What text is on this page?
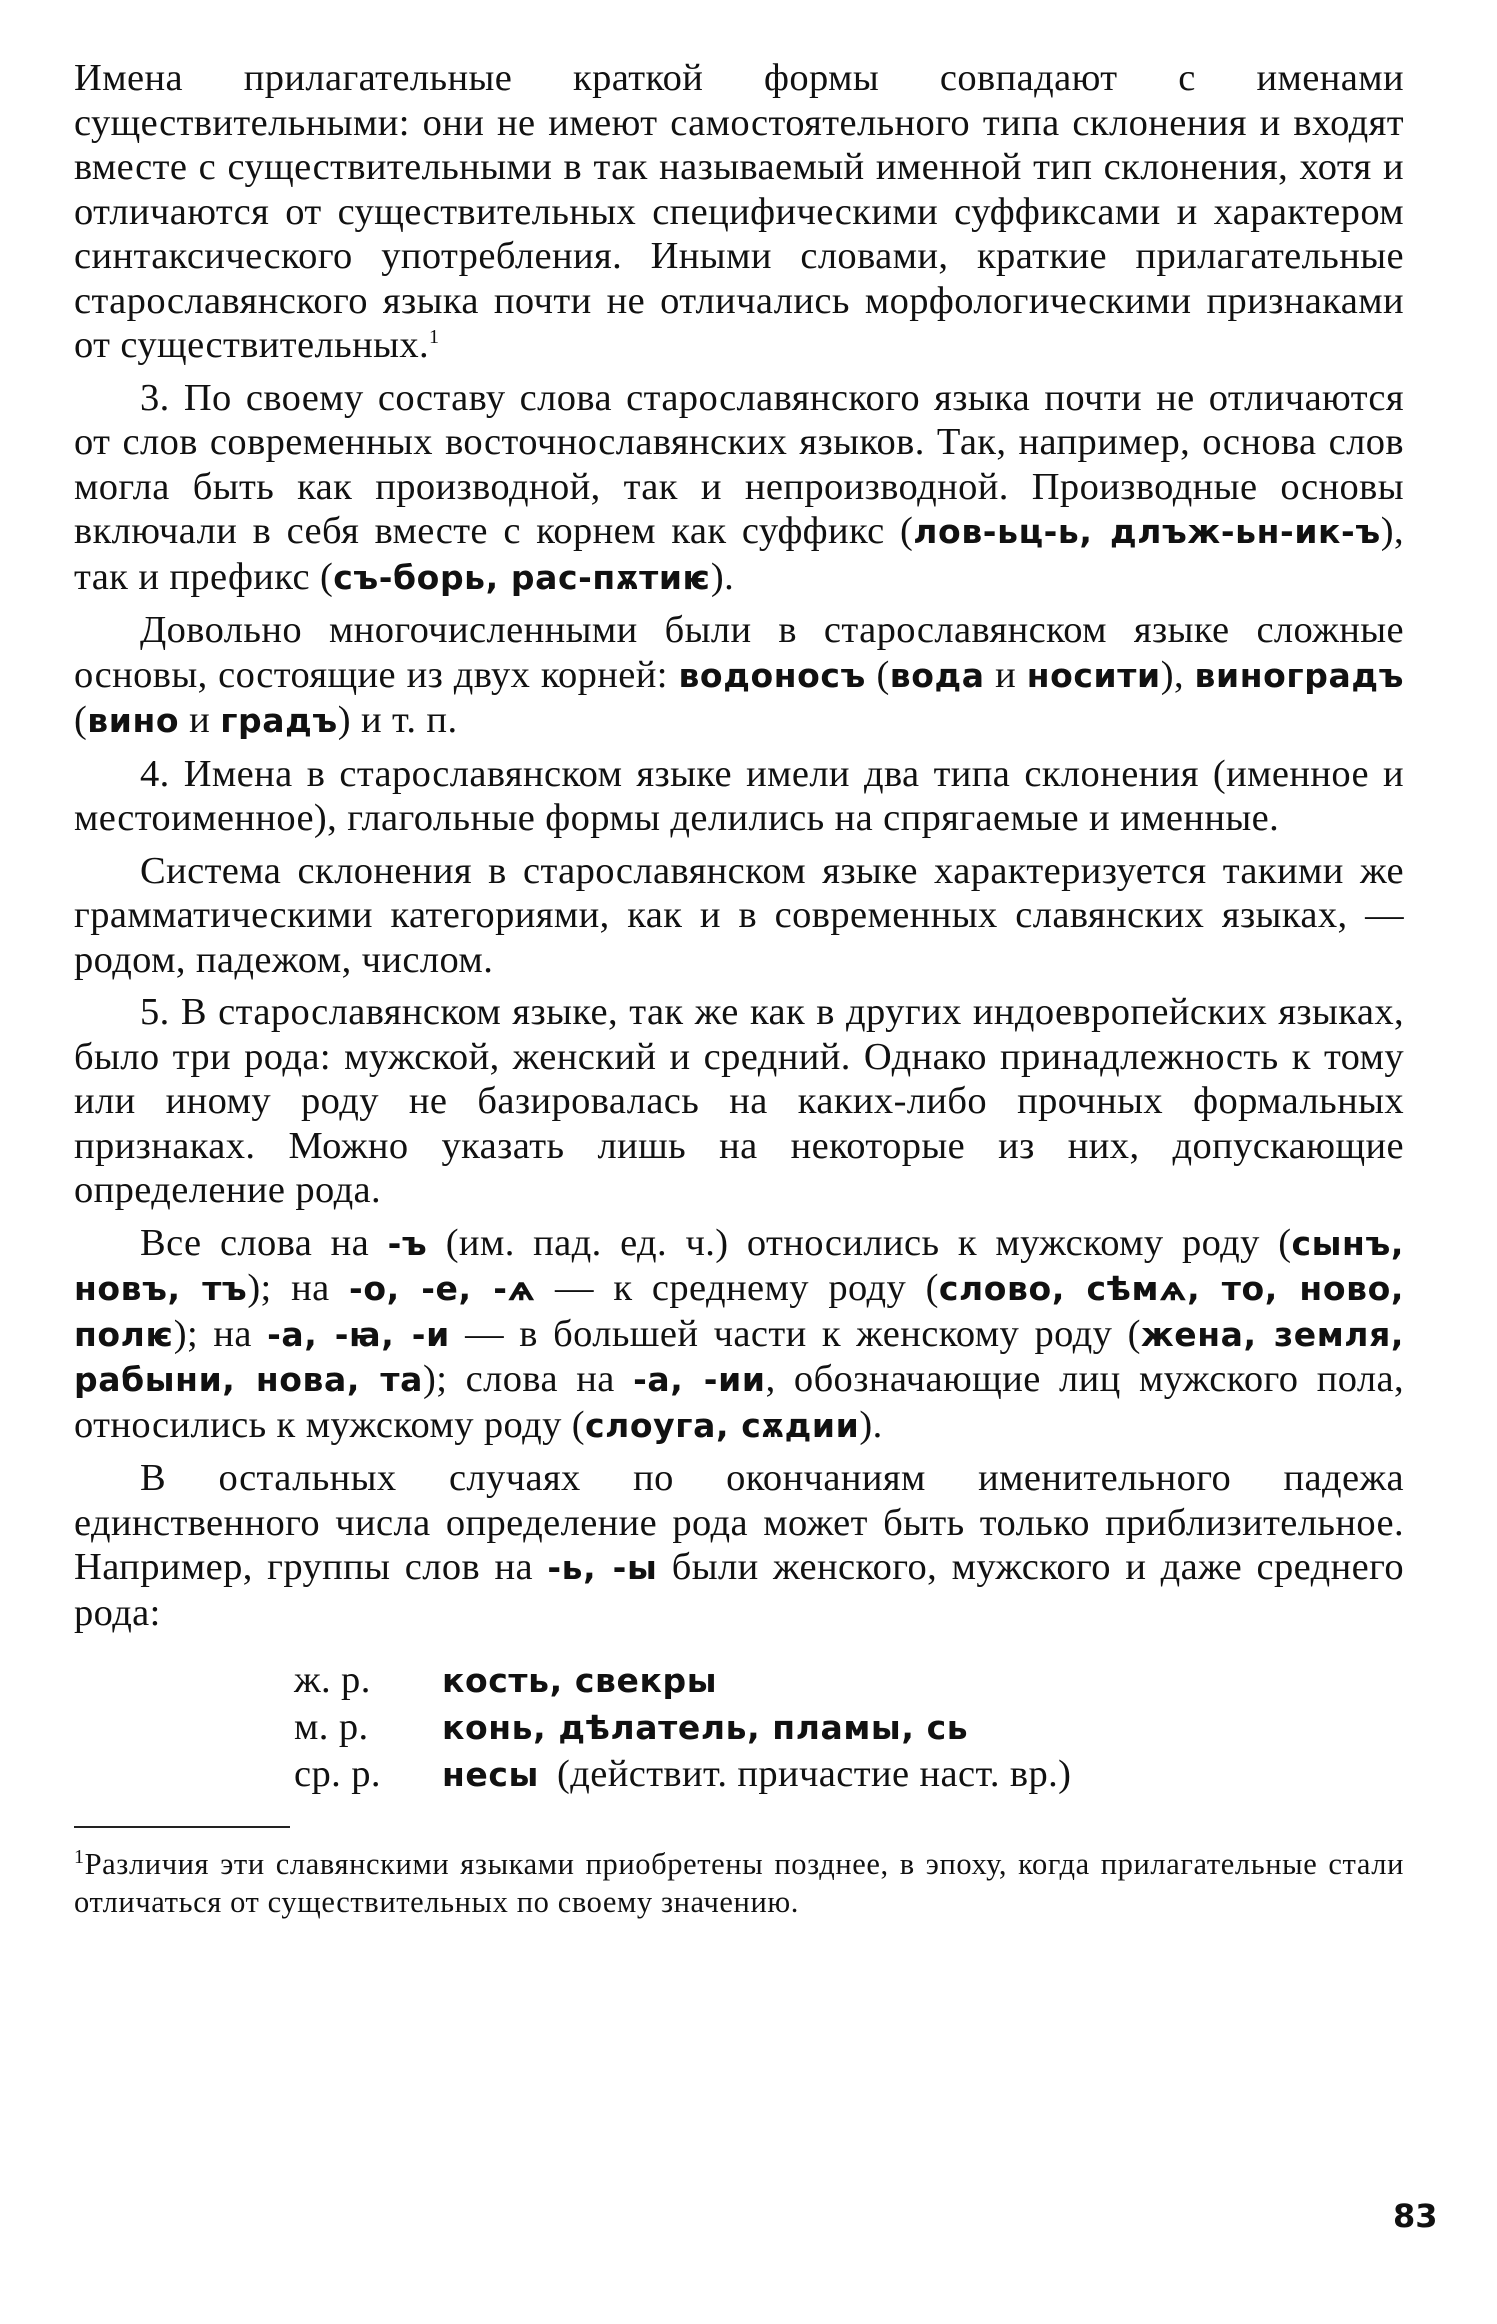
Имена прилагательные краткой формы совпадают с именами существительными: они не имеют самостоятельного типа склонения и входят вместе с существительными в так называемый именной тип склонения, хотя и отличаются от существительных специфическими суффиксами и характером синтаксического употребления. Иными словами, краткие прилагательные старославянского языка почти не отличались морфологическими признаками от существительных.$^1$

3. По своему составу слова старославянского языка почти не отличаются от слов современных восточнославянских языков. Так, например, основа слов могла быть как производной, так и непроизводной. Производные основы включали в себя вместе с корнем как суффикс (лов-ьц-ь, длъж-ьн-ик-ъ), так и префикс (съ-борь, рас-пѫтиѥ).

Довольно многочисленными были в старославянском языке сложные основы, состоящие из двух корней: водоносъ (вода и носити), виноградъ (вино и градъ) и т. п.

4. Имена в старославянском языке имели два типа склонения (именное и местоименное), глагольные формы делились на спрягаемые и именные.

Система склонения в старославянском языке характеризуется такими же грамматическими категориями, как и в современных славянских языках, — родом, падежом, числом.

5. В старославянском языке, так же как в других индоевропейских языках, было три рода: мужской, женский и средний. Однако принадлежность к тому или иному роду не базировалась на каких-либо прочных формальных признаках. Можно указать лишь на некоторые из них, допускающие определение рода.

Все слова на -ъ (им. пад. ед. ч.) относились к мужскому роду (сынъ, новъ, тъ); на -о, -е, -ѧ — к среднему роду (слово, сѣмѧ, то, ново, полѥ); на -а, -ꙗ, -и — в большей части к женскому роду (жена, земля, рабыни, нова, та); слова на -а, -ии, обозначающие лиц мужского пола, относились к мужскому роду (слоуга, сѫдии).

В остальных случаях по окончаниям именительного падежа единственного числа определение рода может быть только приблизительное. Например, группы слов на -ь, -ы были женского, мужского и даже среднего рода:

ж. р.	кость, свекры
м. р.	конь, дѣлатель, пламы, сь
ср. р.	несы (действит. причастие наст. вр.)

$^1$Различия эти славянскими языками приобретены позднее, в эпоху, когда прилагательные стали отличаться от существительных по своему значению.

83
